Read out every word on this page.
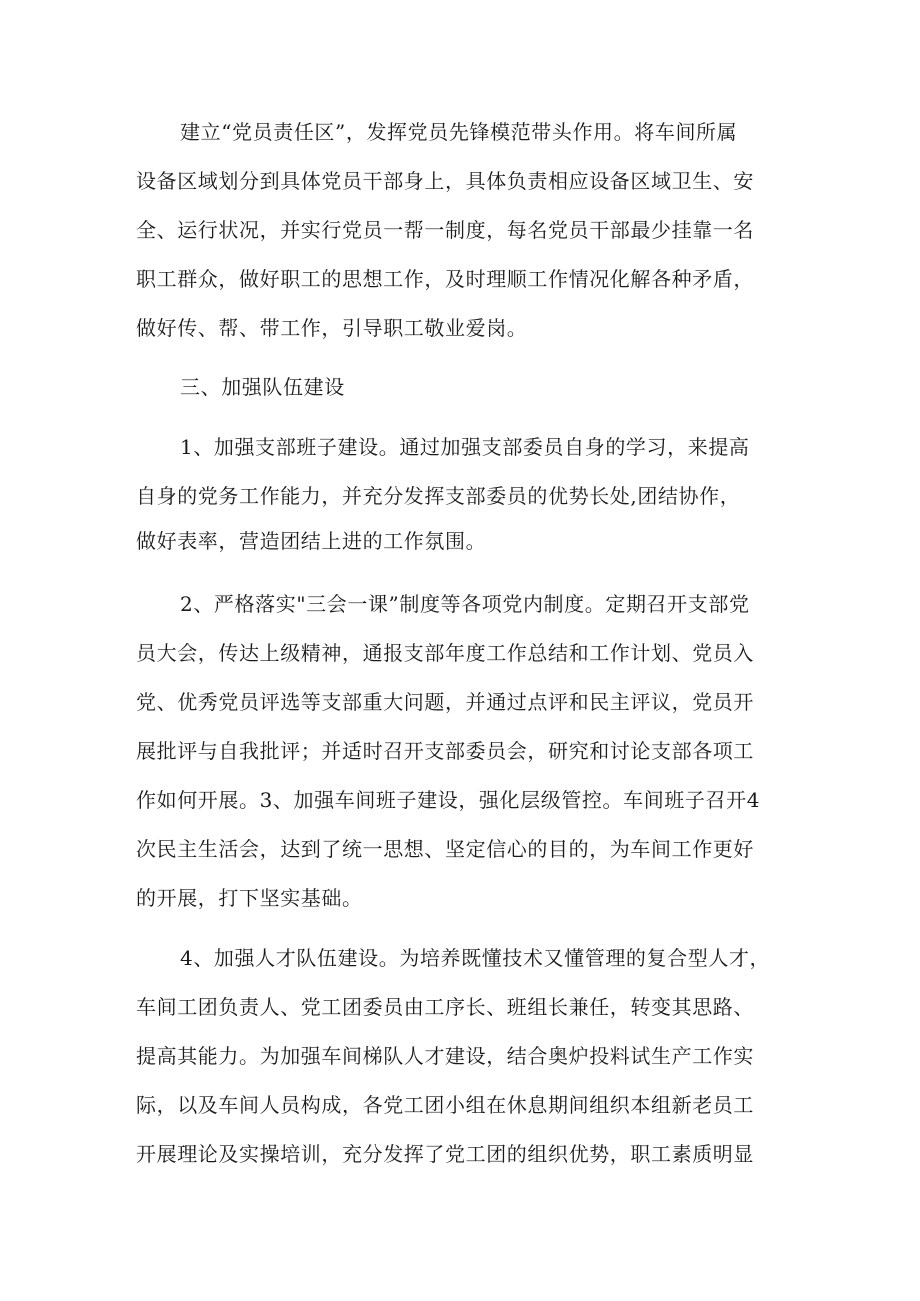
建立“党员责任区”，发挥党员先锋模范带头作用。将车间所属
设备区域划分到具体党员干部身上，具体负责相应设备区域卫生、安
全、运行状况，并实行党员一帮一制度，每名党员干部最少挂靠一名
职工群众，做好职工的思想工作，及时理顺工作情况化解各种矛盾，
做好传、帮、带工作，引导职工敬业爱岗。
三、加强队伍建设
1、加强支部班子建设。通过加强支部委员自身的学习，来提高
自身的党务工作能力，并充分发挥支部委员的优势长处,团结协作，
做好表率，营造团结上进的工作氛围。
2、严格落实"三会一课”制度等各项党内制度。定期召开支部党
员大会，传达上级精神，通报支部年度工作总结和工作计划、党员入
党、优秀党员评选等支部重大问题，并通过点评和民主评议，党员开
展批评与自我批评；并适时召开支部委员会，研究和讨论支部各项工
作如何开展。3、加强车间班子建设，强化层级管控。车间班子召开4
次民主生活会，达到了统一思想、坚定信心的目的，为车间工作更好
的开展，打下坚实基础。
4、加强人才队伍建设。为培养既懂技术又懂管理的复合型人才，
车间工团负责人、党工团委员由工序长、班组长兼任，转变其思路、
提高其能力。为加强车间梯队人才建设，结合奥炉投料试生产工作实
际，以及车间人员构成，各党工团小组在休息期间组织本组新老员工
开展理论及实操培训，充分发挥了党工团的组织优势，职工素质明显
